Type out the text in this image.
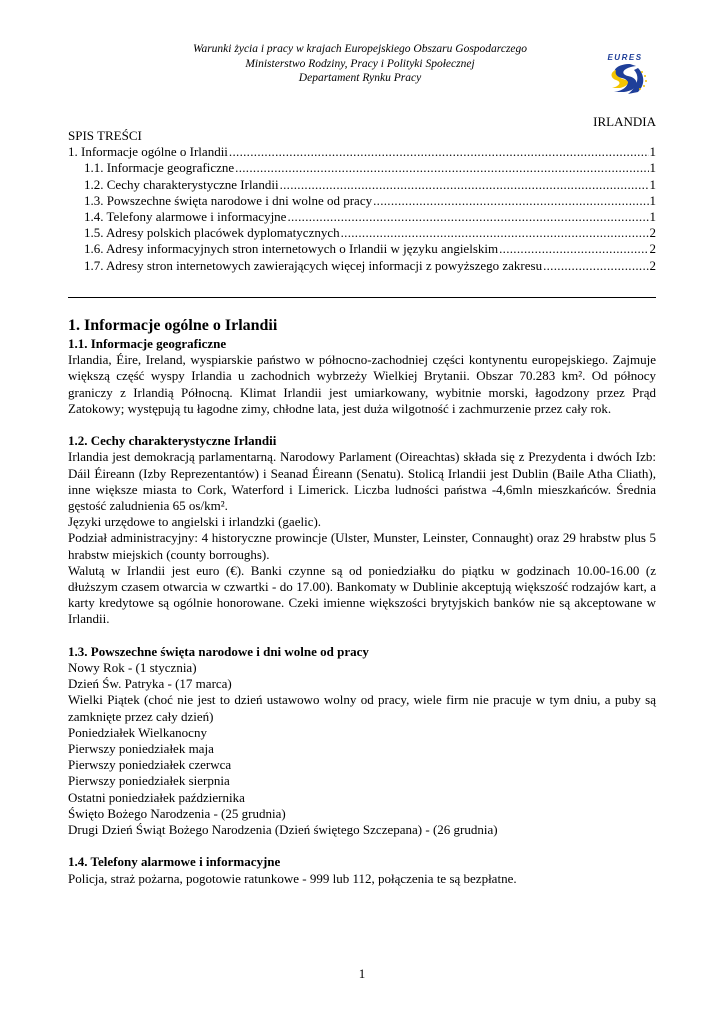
Warunki życia i pracy w krajach Europejskiego Obszaru Gospodarczego
Ministerstwo Rodziny, Pracy i Polityki Społecznej
Departament Rynku Pracy
EURES
IRLANDIA
SPIS TREŚCI
1. Informacje ogólne o Irlandii .....	1
1.1. Informacje geograficzne .....	1
1.2. Cechy charakterystyczne Irlandii .....	1
1.3. Powszechne święta narodowe i dni wolne od pracy .....	1
1.4. Telefony alarmowe i informacyjne .....	1
1.5. Adresy polskich placówek dyplomatycznych .....	2
1.6. Adresy informacyjnych stron internetowych o Irlandii w języku angielskim .....	2
1.7. Adresy stron internetowych zawierających więcej informacji z powyższego zakresu .....	2
1. Informacje ogólne o Irlandii
1.1. Informacje geograficzne

Irlandia, Éire, Ireland, wyspiarskie państwo w północno-zachodniej części kontynentu europejskiego. Zajmuje większą część wyspy Irlandia u zachodnich wybrzeży Wielkiej Brytanii. Obszar 70.283 km². Od północy graniczy z Irlandią Północną. Klimat Irlandii jest umiarkowany, wybitnie morski, łagodzony przez Prąd Zatokowy; występują tu łagodne zimy, chłodne lata, jest duża wilgotność i zachmurzenie przez cały rok.

1.2. Cechy charakterystyczne Irlandii

Irlandia jest demokracją parlamentarną. Narodowy Parlament (Oireachtas) składa się z Prezydenta i dwóch Izb: Dáil Éireann (Izby Reprezentantów) i Seanad Éireann (Senatu). Stolicą Irlandii jest Dublin (Baile Atha Cliath), inne większe miasta to Cork, Waterford i Limerick. Liczba ludności państwa -4,6mln mieszkańców. Średnia gęstość zaludnienia 65 os/km².

Języki urzędowe to angielski i irlandzki (gaelic).

Podział administracyjny: 4 historyczne prowincje (Ulster, Munster, Leinster, Connaught) oraz 29 hrabstw plus 5 hrabstw miejskich (county borroughs).

Walutą w Irlandii jest euro (€). Banki czynne są od poniedziałku do piątku w godzinach 10.00-16.00 (z dłuższym czasem otwarcia w czwartki - do 17.00). Bankomaty w Dublinie akceptują większość rodzajów kart, a karty kredytowe są ogólnie honorowane. Czeki imienne większości brytyjskich banków nie są akceptowane w Irlandii.

1.3. Powszechne święta narodowe i dni wolne od pracy
Nowy Rok - (1 stycznia)
Dzień Św. Patryka - (17 marca)

Wielki Piątek (choć nie jest to dzień ustawowo wolny od pracy, wiele firm nie pracuje w tym dniu, a puby są zamknięte przez cały dzień)

Poniedziałek Wielkanocny
Pierwszy poniedziałek maja
Pierwszy poniedziałek czerwca
Pierwszy poniedziałek sierpnia
Ostatni poniedziałek października
Święto Bożego Narodzenia - (25 grudnia)
Drugi Dzień Świąt Bożego Narodzenia (Dzień świętego Szczepana) - (26 grudnia)
1.4. Telefony alarmowe i informacyjne

Policja, straż pożarna, pogotowie ratunkowe - 999 lub 112, połączenia te są bezpłatne.

1
